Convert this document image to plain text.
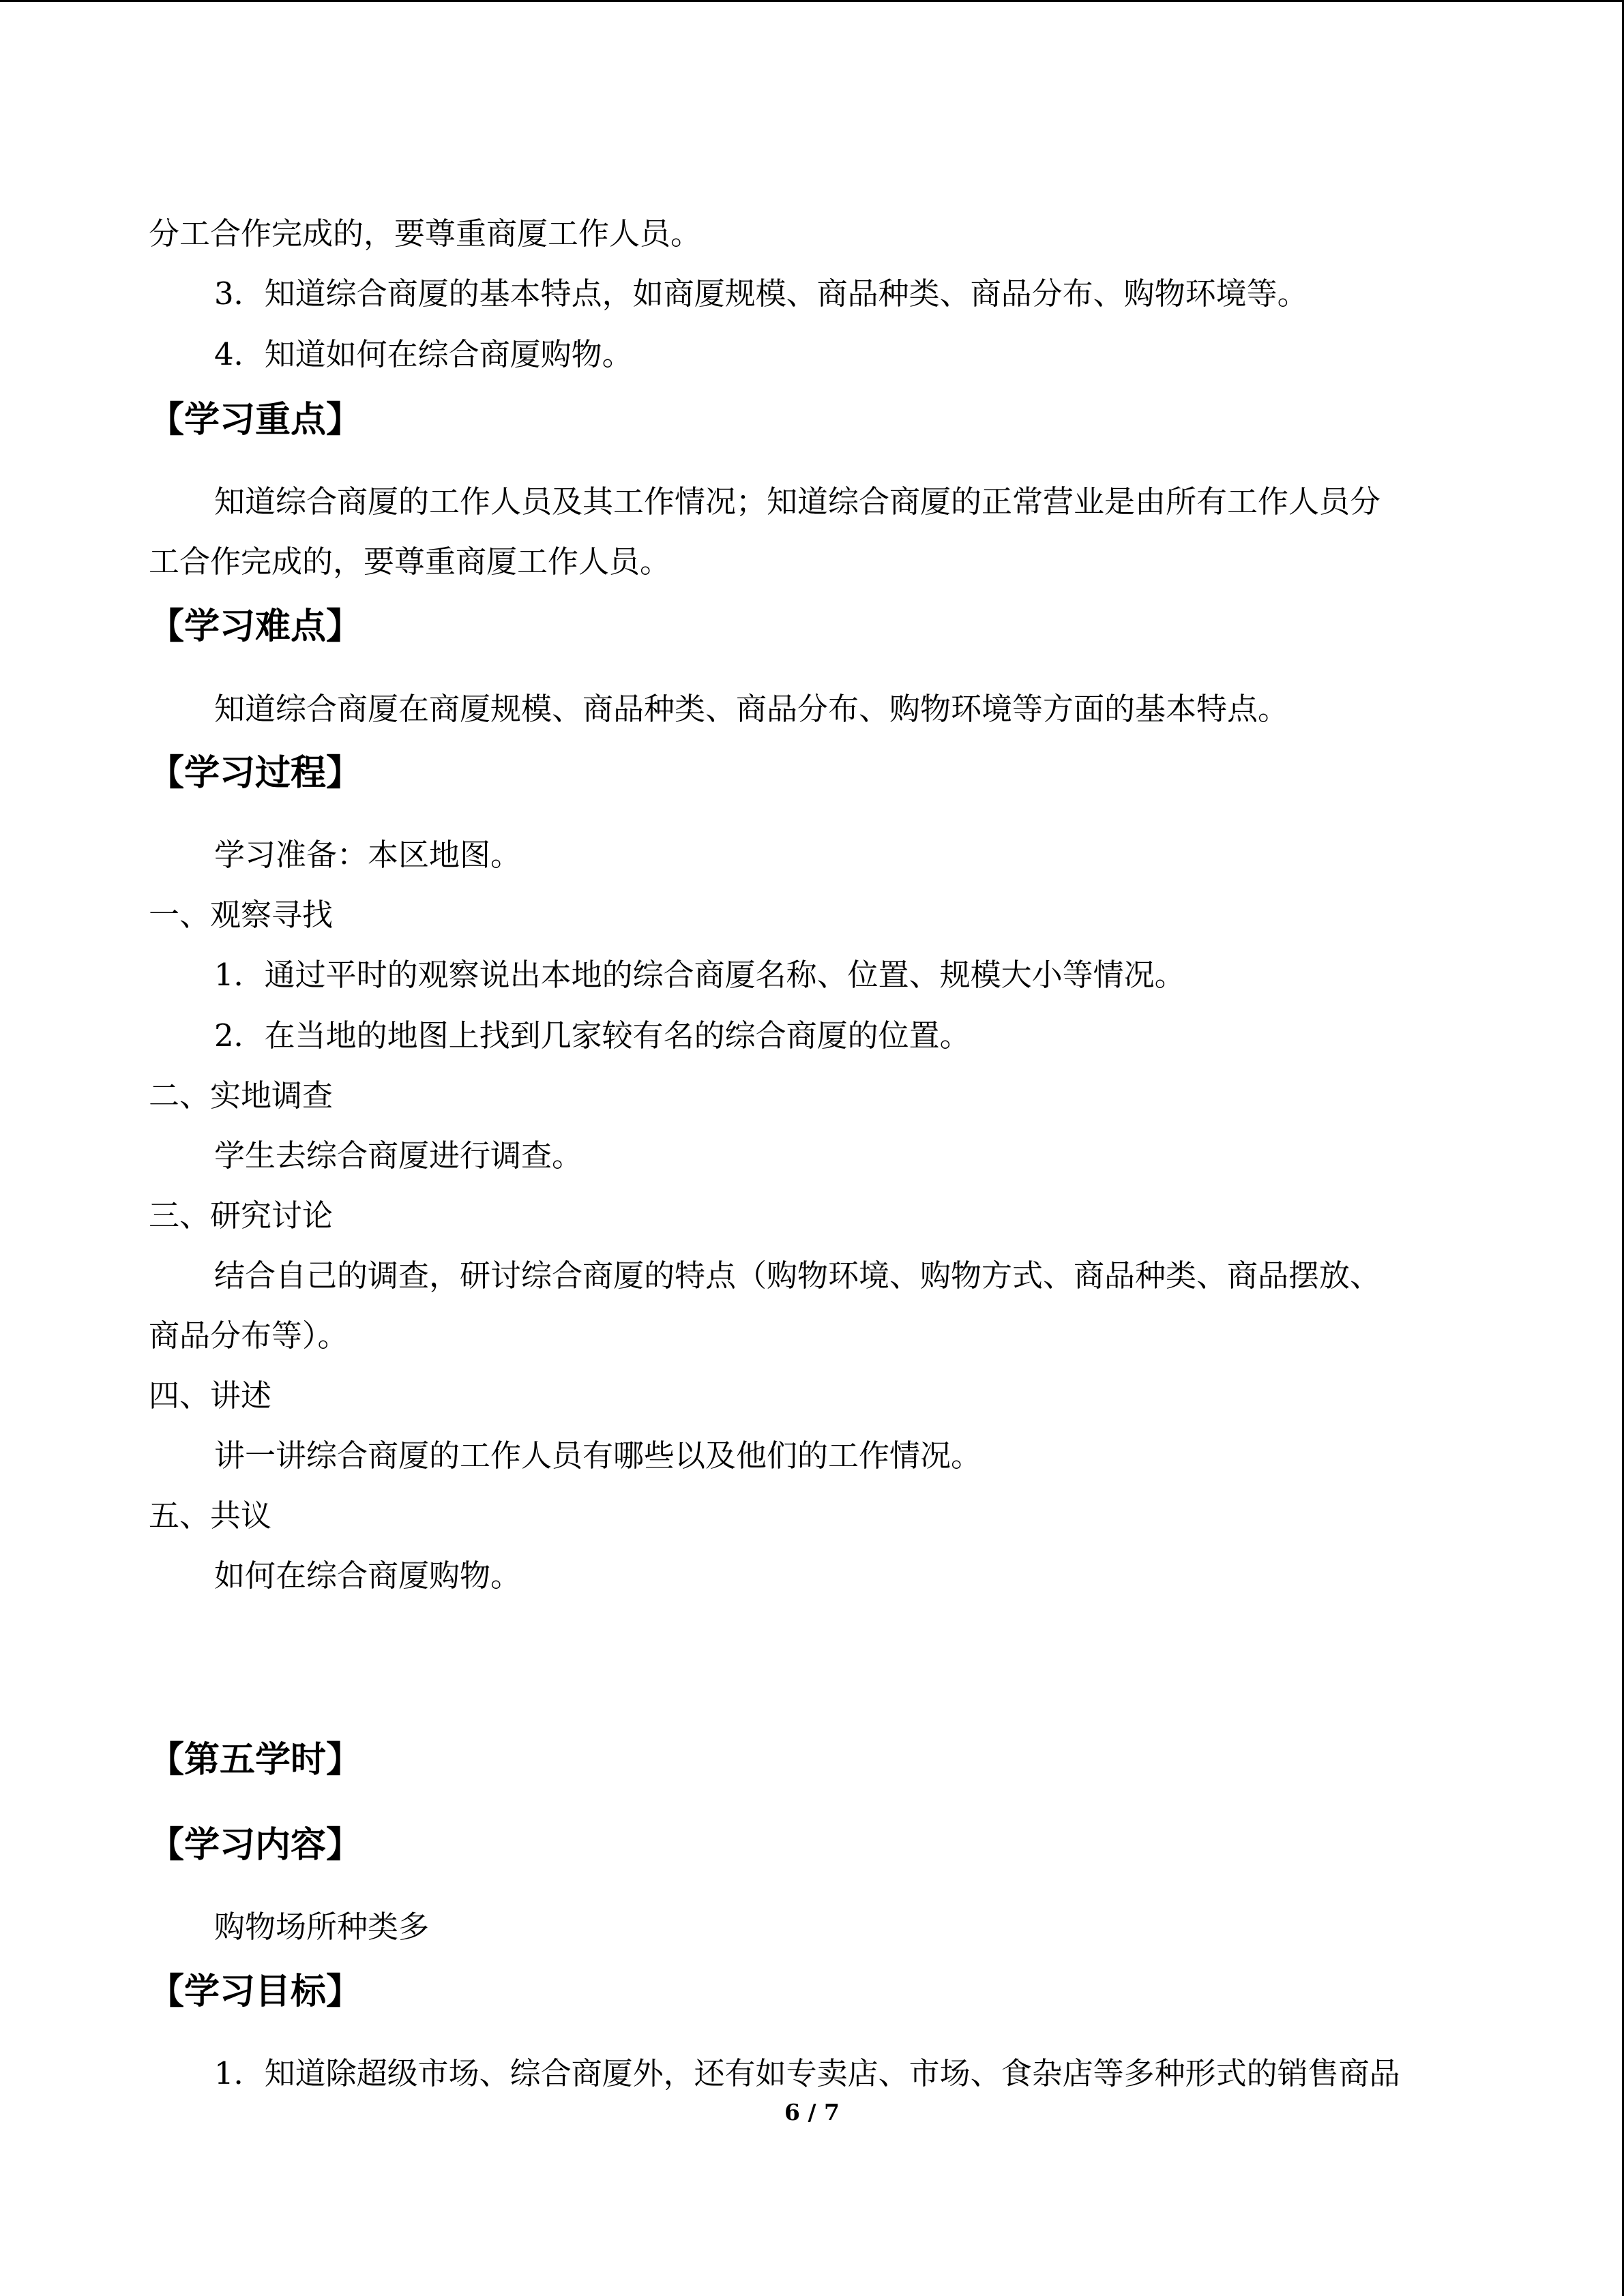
分工合作完成的，要尊重商厦工作人员。
3．知道综合商厦的基本特点，如商厦规模、商品种类、商品分布、购物环境等。
4．知道如何在综合商厦购物。
【学习重点】
知道综合商厦的工作人员及其工作情况；知道综合商厦的正常营业是由所有工作人员分
工合作完成的，要尊重商厦工作人员。
【学习难点】
知道综合商厦在商厦规模、商品种类、商品分布、购物环境等方面的基本特点。
【学习过程】
学习准备：本区地图。
一、观察寻找
1．通过平时的观察说出本地的综合商厦名称、位置、规模大小等情况。
2．在当地的地图上找到几家较有名的综合商厦的位置。
二、实地调查
学生去综合商厦进行调查。
三、研究讨论
结合自己的调查，研讨综合商厦的特点（购物环境、购物方式、商品种类、商品摆放、
商品分布等）。
四、讲述
讲一讲综合商厦的工作人员有哪些以及他们的工作情况。
五、共议
如何在综合商厦购物。
【第五学时】
【学习内容】
购物场所种类多
【学习目标】
1．知道除超级市场、综合商厦外，还有如专卖店、市场、食杂店等多种形式的销售商品
6 / 7
